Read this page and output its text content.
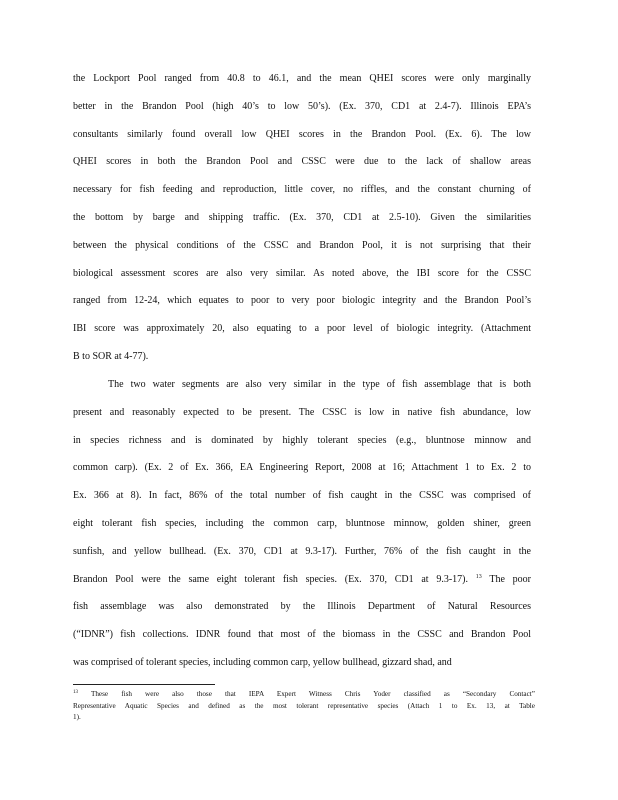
the Lockport Pool ranged from 40.8 to 46.1, and the mean QHEI scores were only marginally
better in the Brandon Pool (high 40’s to low 50’s). (Ex. 370, CD1 at 2.4-7). Illinois EPA’s
consultants similarly found overall low QHEI scores in the Brandon Pool. (Ex. 6). The low
QHEI scores in both the Brandon Pool and CSSC were due to the lack of shallow areas
necessary for fish feeding and reproduction, little cover, no riffles, and the constant churning of
the bottom by barge and shipping traffic. (Ex. 370, CD1 at 2.5-10). Given the similarities
between the physical conditions of the CSSC and Brandon Pool, it is not surprising that their
biological assessment scores are also very similar. As noted above, the IBI score for the CSSC
ranged from 12-24, which equates to poor to very poor biologic integrity and the Brandon Pool’s
IBI score was approximately 20, also equating to a poor level of biologic integrity. (Attachment
B to SOR at 4-77).
The two water segments are also very similar in the type of fish assemblage that is both
present and reasonably expected to be present. The CSSC is low in native fish abundance, low
in species richness and is dominated by highly tolerant species (e.g., bluntnose minnow and
common carp). (Ex. 2 of Ex. 366, EA Engineering Report, 2008 at 16; Attachment 1 to Ex. 2 to
Ex. 366 at 8). In fact, 86% of the total number of fish caught in the CSSC was comprised of
eight tolerant fish species, including the common carp, bluntnose minnow, golden shiner, green
sunfish, and yellow bullhead. (Ex. 370, CD1 at 9.3-17). Further, 76% of the fish caught in the
Brandon Pool were the same eight tolerant fish species. (Ex. 370, CD1 at 9.3-17). $^{13}$ The poor
fish assemblage was also demonstrated by the Illinois Department of Natural Resources
(“IDNR”) fish collections. IDNR found that most of the biomass in the CSSC and Brandon Pool
was comprised of tolerant species, including common carp, yellow bullhead, gizzard shad, and
$^{13}$ These fish were also those that IEPA Expert Witness Chris Yoder classified as “Secondary Contact”
Representative Aquatic Species and defined as the most tolerant representative species (Attach 1 to Ex. 13, at Table
1).
